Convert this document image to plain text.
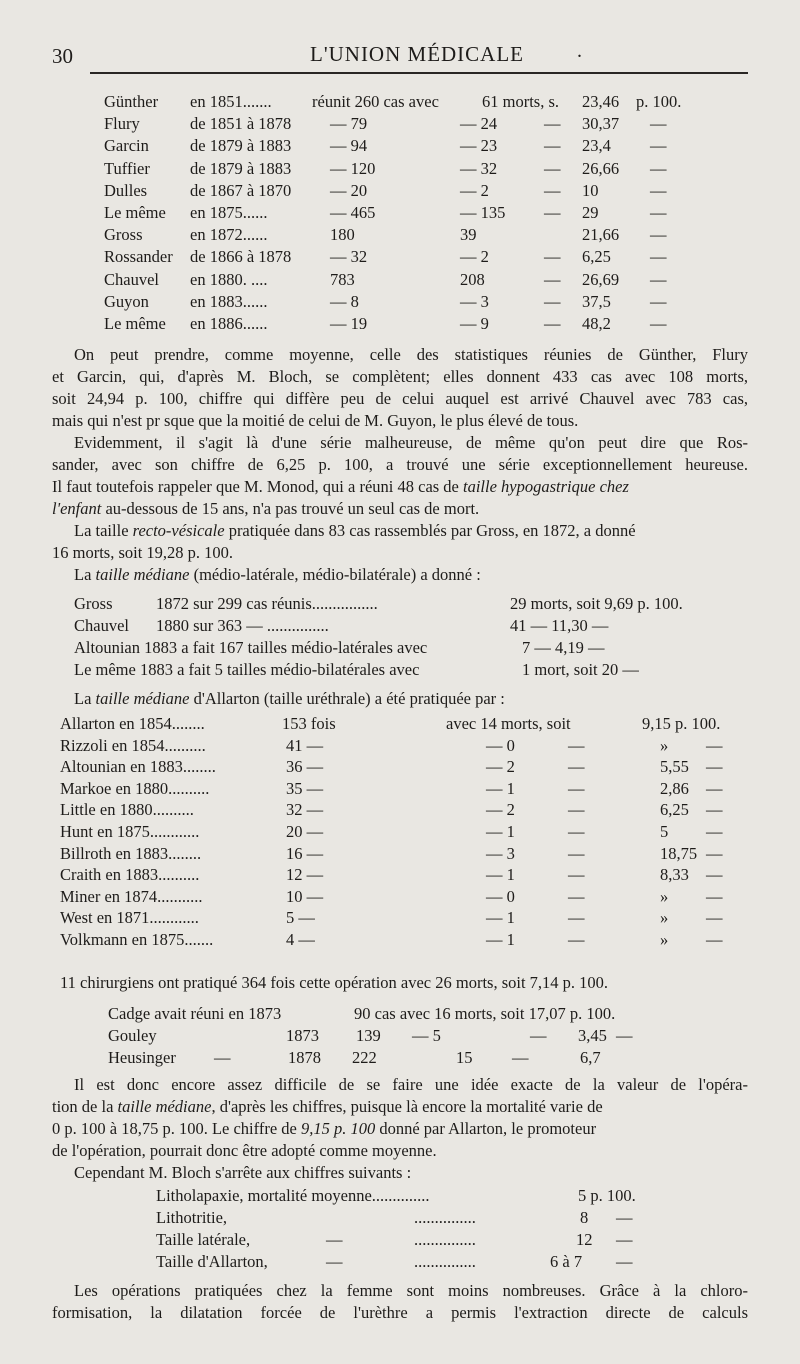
30	L'UNION MÉDICALE	.
Günther en 1851....... réunit 260 cas avec	61 morts, s. 23,46 p. 100.
Flury	de 1851 à 1878 — 79	— 24	— 30,37 —
Garcin de 1879 à 1883 — 94	— 23	— 23,4 —
Tuffier de 1879 à 1883 — 120	— 32	— 26,66 —
Dulles	de 1867 à 1870 — 20	— 2	— 10	—
Le même en 1875......	— 465	— 135 — 29	—
Gross	en 1872......	180	39	21,66 —
Rossander de 1866 à 1878 — 32	— 2	— 6,25 —
Chauvel en 1880. ....	783	208	— 26,69 —
Guyon en 1883......	— 8	— 3	— 37,5 —
Le même en 1886......	— 19	— 9	— 48,2 —
On peut prendre, comme moyenne, celle des statistiques réunies de Günther, Flury
et Garcin, qui, d'après M. Bloch, se complètent; elles donnent 433 cas avec 108 morts,
soit 24,94 p. 100, chiffre qui diffère peu de celui auquel est arrivé Chauvel avec 783 cas,
mais qui n'est pr sque que la moitié de celui de M. Guyon, le plus élevé de tous.
Evidemment, il s'agit là d'une série malheureuse, de même qu'on peut dire que Ros-
sander, avec son chiffre de 6,25 p. 100, a trouvé une série exceptionnellement heureuse.
Il faut toutefois rappeler que M. Monod, qui a réuni 48 cas de taille hypogastrique chez
l'enfant au-dessous de 15 ans, n'a pas trouvé un seul cas de mort.
La taille recto-vésicale pratiquée dans 83 cas rassemblés par Gross, en 1872, a donné
16 morts, soit 19,28 p. 100.
La taille médiane (médio-latérale, médio-bilatérale) a donné :
Gross	1872 sur 299 cas réunis................	29 morts, soit 9,69 p. 100.
Chauvel 1880 sur 363 — ...............	41 — 11,30 —
Altounian 1883 a fait 167 tailles médio-latérales avec	7 — 4,19 —
Le même 1883 a fait 5 tailles médio-bilatérales avec	1 mort, soit 20 —
La taille médiane d'Allarton (taille uréthrale) a été pratiquée par :
Allarton en 1854........	153 fois	avec 14 morts, soit	9,15 p. 100.
Rizzoli en 1854..........	41 —	— 0	—	» —
Altounian en 1883........	36 —	— 2	—	5,55 —
Markoe en 1880..........	35 —	— 1	—	2,86 —
Little en 1880..........	32 —	— 2	—	6,25 —
Hunt en 1875............	20 —	— 1	—	5 —
Billroth en 1883........	16 —	— 3	—	18,75 —
Craith en 1883..........	12 —	— 1	—	8,33 —
Miner en 1874...........	10 —	— 0	—	» —
West en 1871............	5 —	— 1	—	» —
Volkmann en 1875.......	4 —	— 1	—	» —
11 chirurgiens ont pratiqué 364 fois cette opération avec 26 morts, soit 7,14 p. 100.
Cadge avait réuni en 1873	90 cas avec 16 morts, soit 17,07 p. 100.
Gouley	1873 139 — 5	— 3,45 —
Heusinger —	1878 222	15 —	6,7
Il est donc encore assez difficile de se faire une idée exacte de la valeur de l'opéra-
tion de la taille médiane, d'après les chiffres, puisque là encore la mortalité varie de
0 p. 100 à 18,75 p. 100. Le chiffre de 9,15 p. 100 donné par Allarton, le promoteur
de l'opération, pourrait donc être adopté comme moyenne.
Cependant M. Bloch s'arrête aux chiffres suivants :
Litholapaxie, mortalité moyenne..............	5 p. 100.
Lithotritie,	...............	8 —
Taille latérale,	—	...............	12 —
Taille d'Allarton,	—	...............	6 à 7 —
Les opérations pratiquées chez la femme sont moins nombreuses. Grâce à la chloro-
formisation, la dilatation forcée de l'urèthre a permis l'extraction directe de calculs
